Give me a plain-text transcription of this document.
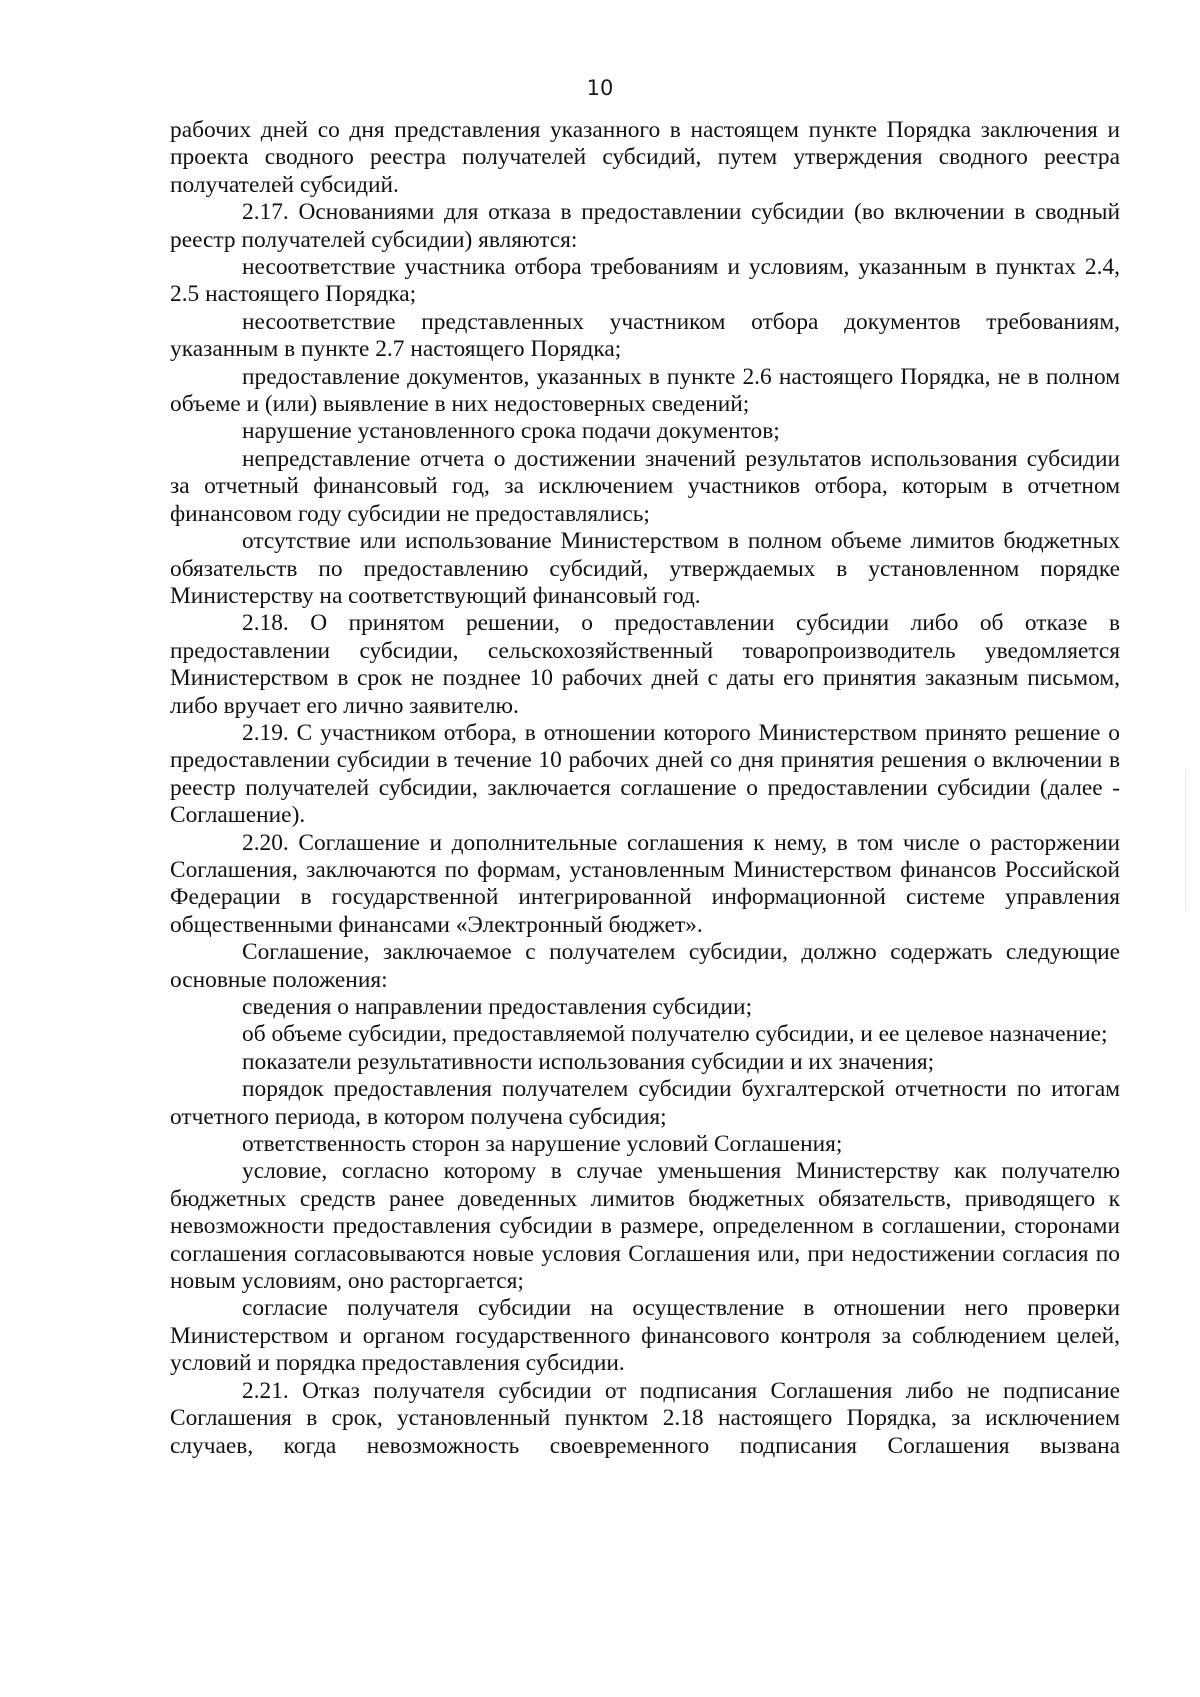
10

рабочих дней со дня представления указанного в настоящем пункте Порядка заключения и проекта сводного реестра получателей субсидий, путем утверждения сводного реестра получателей субсидий.

2.17. Основаниями для отказа в предоставлении субсидии (во включении в сводный реестр получателей субсидии) являются:

несоответствие участника отбора требованиям и условиям, указанным в пунктах 2.4, 2.5 настоящего Порядка;

несоответствие представленных участником отбора документов требованиям, указанным в пункте 2.7 настоящего Порядка;

предоставление документов, указанных в пункте 2.6 настоящего Порядка, не в полном объеме и (или) выявление в них недостоверных сведений;

нарушение установленного срока подачи документов;

непредставление отчета о достижении значений результатов использования субсидии за отчетный финансовый год, за исключением участников отбора, которым в отчетном финансовом году субсидии не предоставлялись;

отсутствие или использование Министерством в полном объеме лимитов бюджетных обязательств по предоставлению субсидий, утверждаемых в установленном порядке Министерству на соответствующий финансовый год.

2.18. О принятом решении, о предоставлении субсидии либо об отказе в предоставлении субсидии, сельскохозяйственный товаропроизводитель уведомляется Министерством в срок не позднее 10 рабочих дней с даты его принятия заказным письмом, либо вручает его лично заявителю.

2.19. С участником отбора, в отношении которого Министерством принято решение о предоставлении субсидии в течение 10 рабочих дней со дня принятия решения о включении в реестр получателей субсидии, заключается соглашение о предоставлении субсидии (далее - Соглашение).

2.20. Соглашение и дополнительные соглашения к нему, в том числе о расторжении Соглашения, заключаются по формам, установленным Министерством финансов Российской Федерации в государственной интегрированной информационной системе управления общественными финансами «Электронный бюджет».

Соглашение, заключаемое с получателем субсидии, должно содержать следующие основные положения:

сведения о направлении предоставления субсидии;

об объеме субсидии, предоставляемой получателю субсидии, и ее целевое назначение;

показатели результативности использования субсидии и их значения;

порядок предоставления получателем субсидии бухгалтерской отчетности по итогам отчетного периода, в котором получена субсидия;

ответственность сторон за нарушение условий Соглашения;

условие, согласно которому в случае уменьшения Министерству как получателю бюджетных средств ранее доведенных лимитов бюджетных обязательств, приводящего к невозможности предоставления субсидии в размере, определенном в соглашении, сторонами соглашения согласовываются новые условия Соглашения или, при недостижении согласия по новым условиям, оно расторгается;

согласие получателя субсидии на осуществление в отношении него проверки Министерством и органом государственного финансового контроля за соблюдением целей, условий и порядка предоставления субсидии.

2.21. Отказ получателя субсидии от подписания Соглашения либо не подписание Соглашения в срок, установленный пунктом 2.18 настоящего Порядка, за исключением случаев, когда невозможность своевременного подписания Соглашения вызвана
